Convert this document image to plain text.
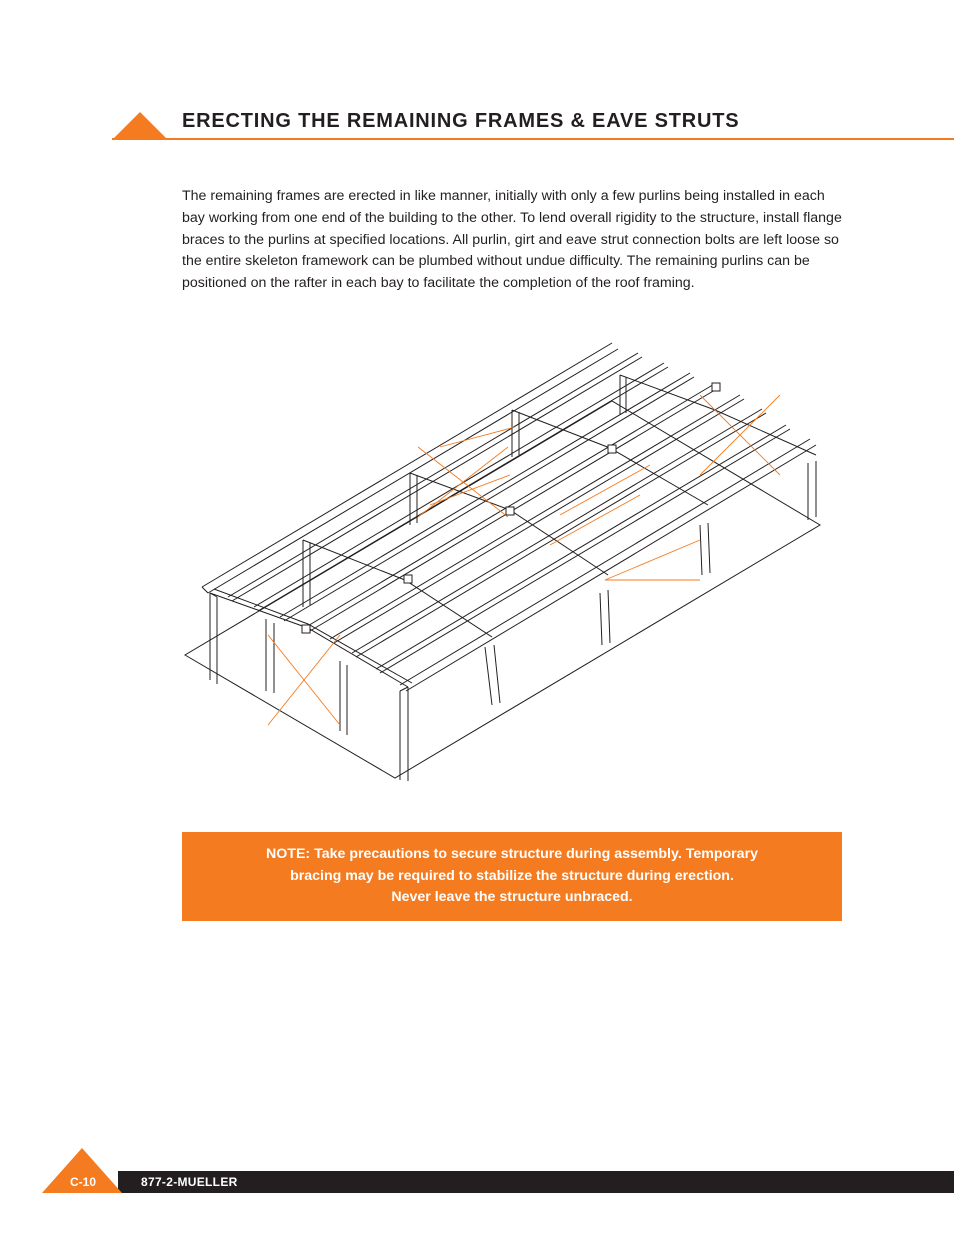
ERECTING THE REMAINING FRAMES & EAVE STRUTS

The remaining frames are erected in like manner, initially with only a few purlins being installed in each bay working from one end of the building to the other. To lend overall rigidity to the structure, install flange braces to the purlins at specified locations. All purlin, girt and eave strut connection bolts are left loose so the entire skeleton framework can be plumbed without undue difficulty. The remaining purlins can be positioned on the rafter in each bay to facilitate the completion of the roof framing.

NOTE: Take precautions to secure structure during assembly. Temporary
bracing may be required to stabilize the structure during erection.
Never leave the structure unbraced.
C-10	877-2-MUELLER
